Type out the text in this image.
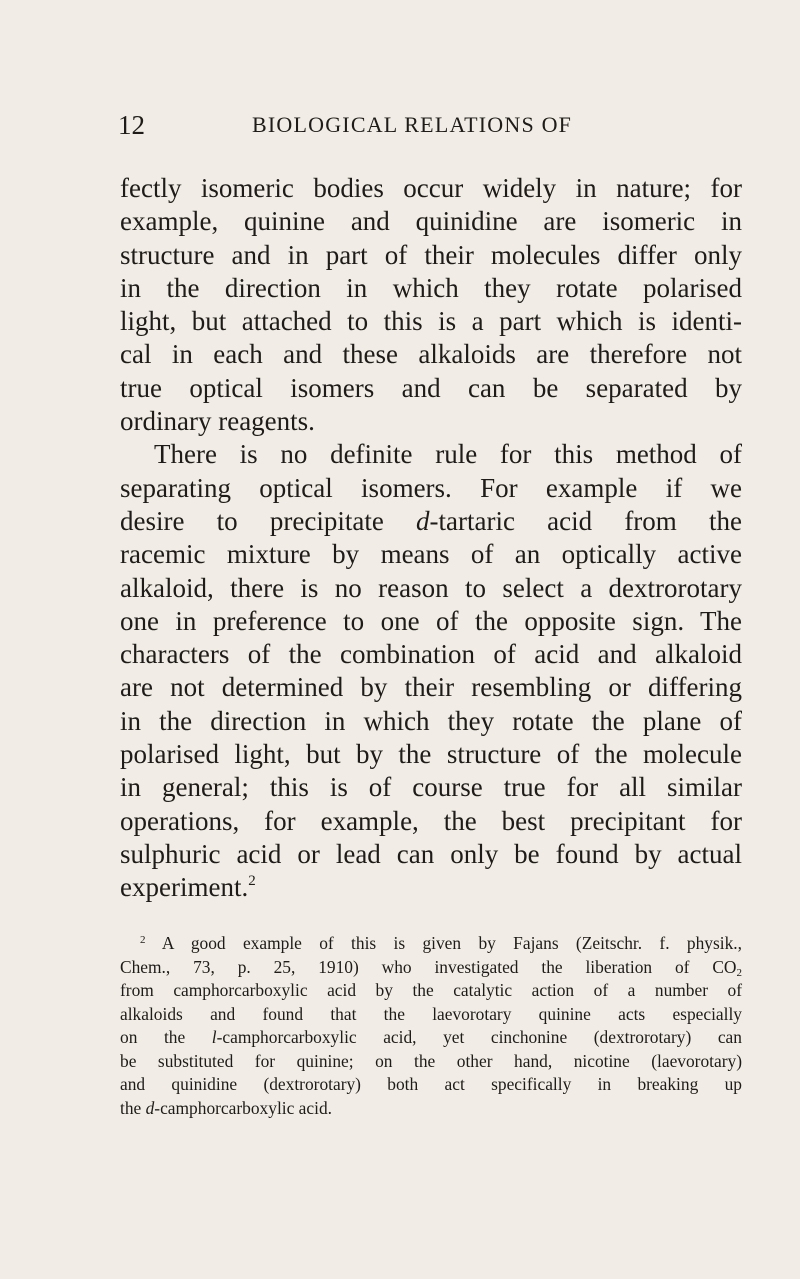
12	BIOLOGICAL RELATIONS OF
fectly isomeric bodies occur widely in nature; for
example, quinine and quinidine are isomeric in
structure and in part of their molecules differ only
in the direction in which they rotate polarised
light, but attached to this is a part which is identi-
cal in each and these alkaloids are therefore not
true optical isomers and can be separated by
ordinary reagents.
There is no definite rule for this method of
separating optical isomers. For example if we
desire to precipitate d-tartaric acid from the
racemic mixture by means of an optically active
alkaloid, there is no reason to select a dextrorotary
one in preference to one of the opposite sign. The
characters of the combination of acid and alkaloid
are not determined by their resembling or differing
in the direction in which they rotate the plane of
polarised light, but by the structure of the molecule
in general; this is of course true for all similar
operations, for example, the best precipitant for
sulphuric acid or lead can only be found by actual
experiment.$^2$
$^2$ A good example of this is given by Fajans (Zeitschr. f. physik.,
Chem., 73, p. 25, 1910) who investigated the liberation of $CO_2$
from camphorcarboxylic acid by the catalytic action of a number of
alkaloids and found that the laevorotary quinine acts especially
on the l-camphorcarboxylic acid, yet cinchonine (dextrorotary) can
be substituted for quinine; on the other hand, nicotine (laevorotary)
and quinidine (dextrorotary) both act specifically in breaking up
the d-camphorcarboxylic acid.
